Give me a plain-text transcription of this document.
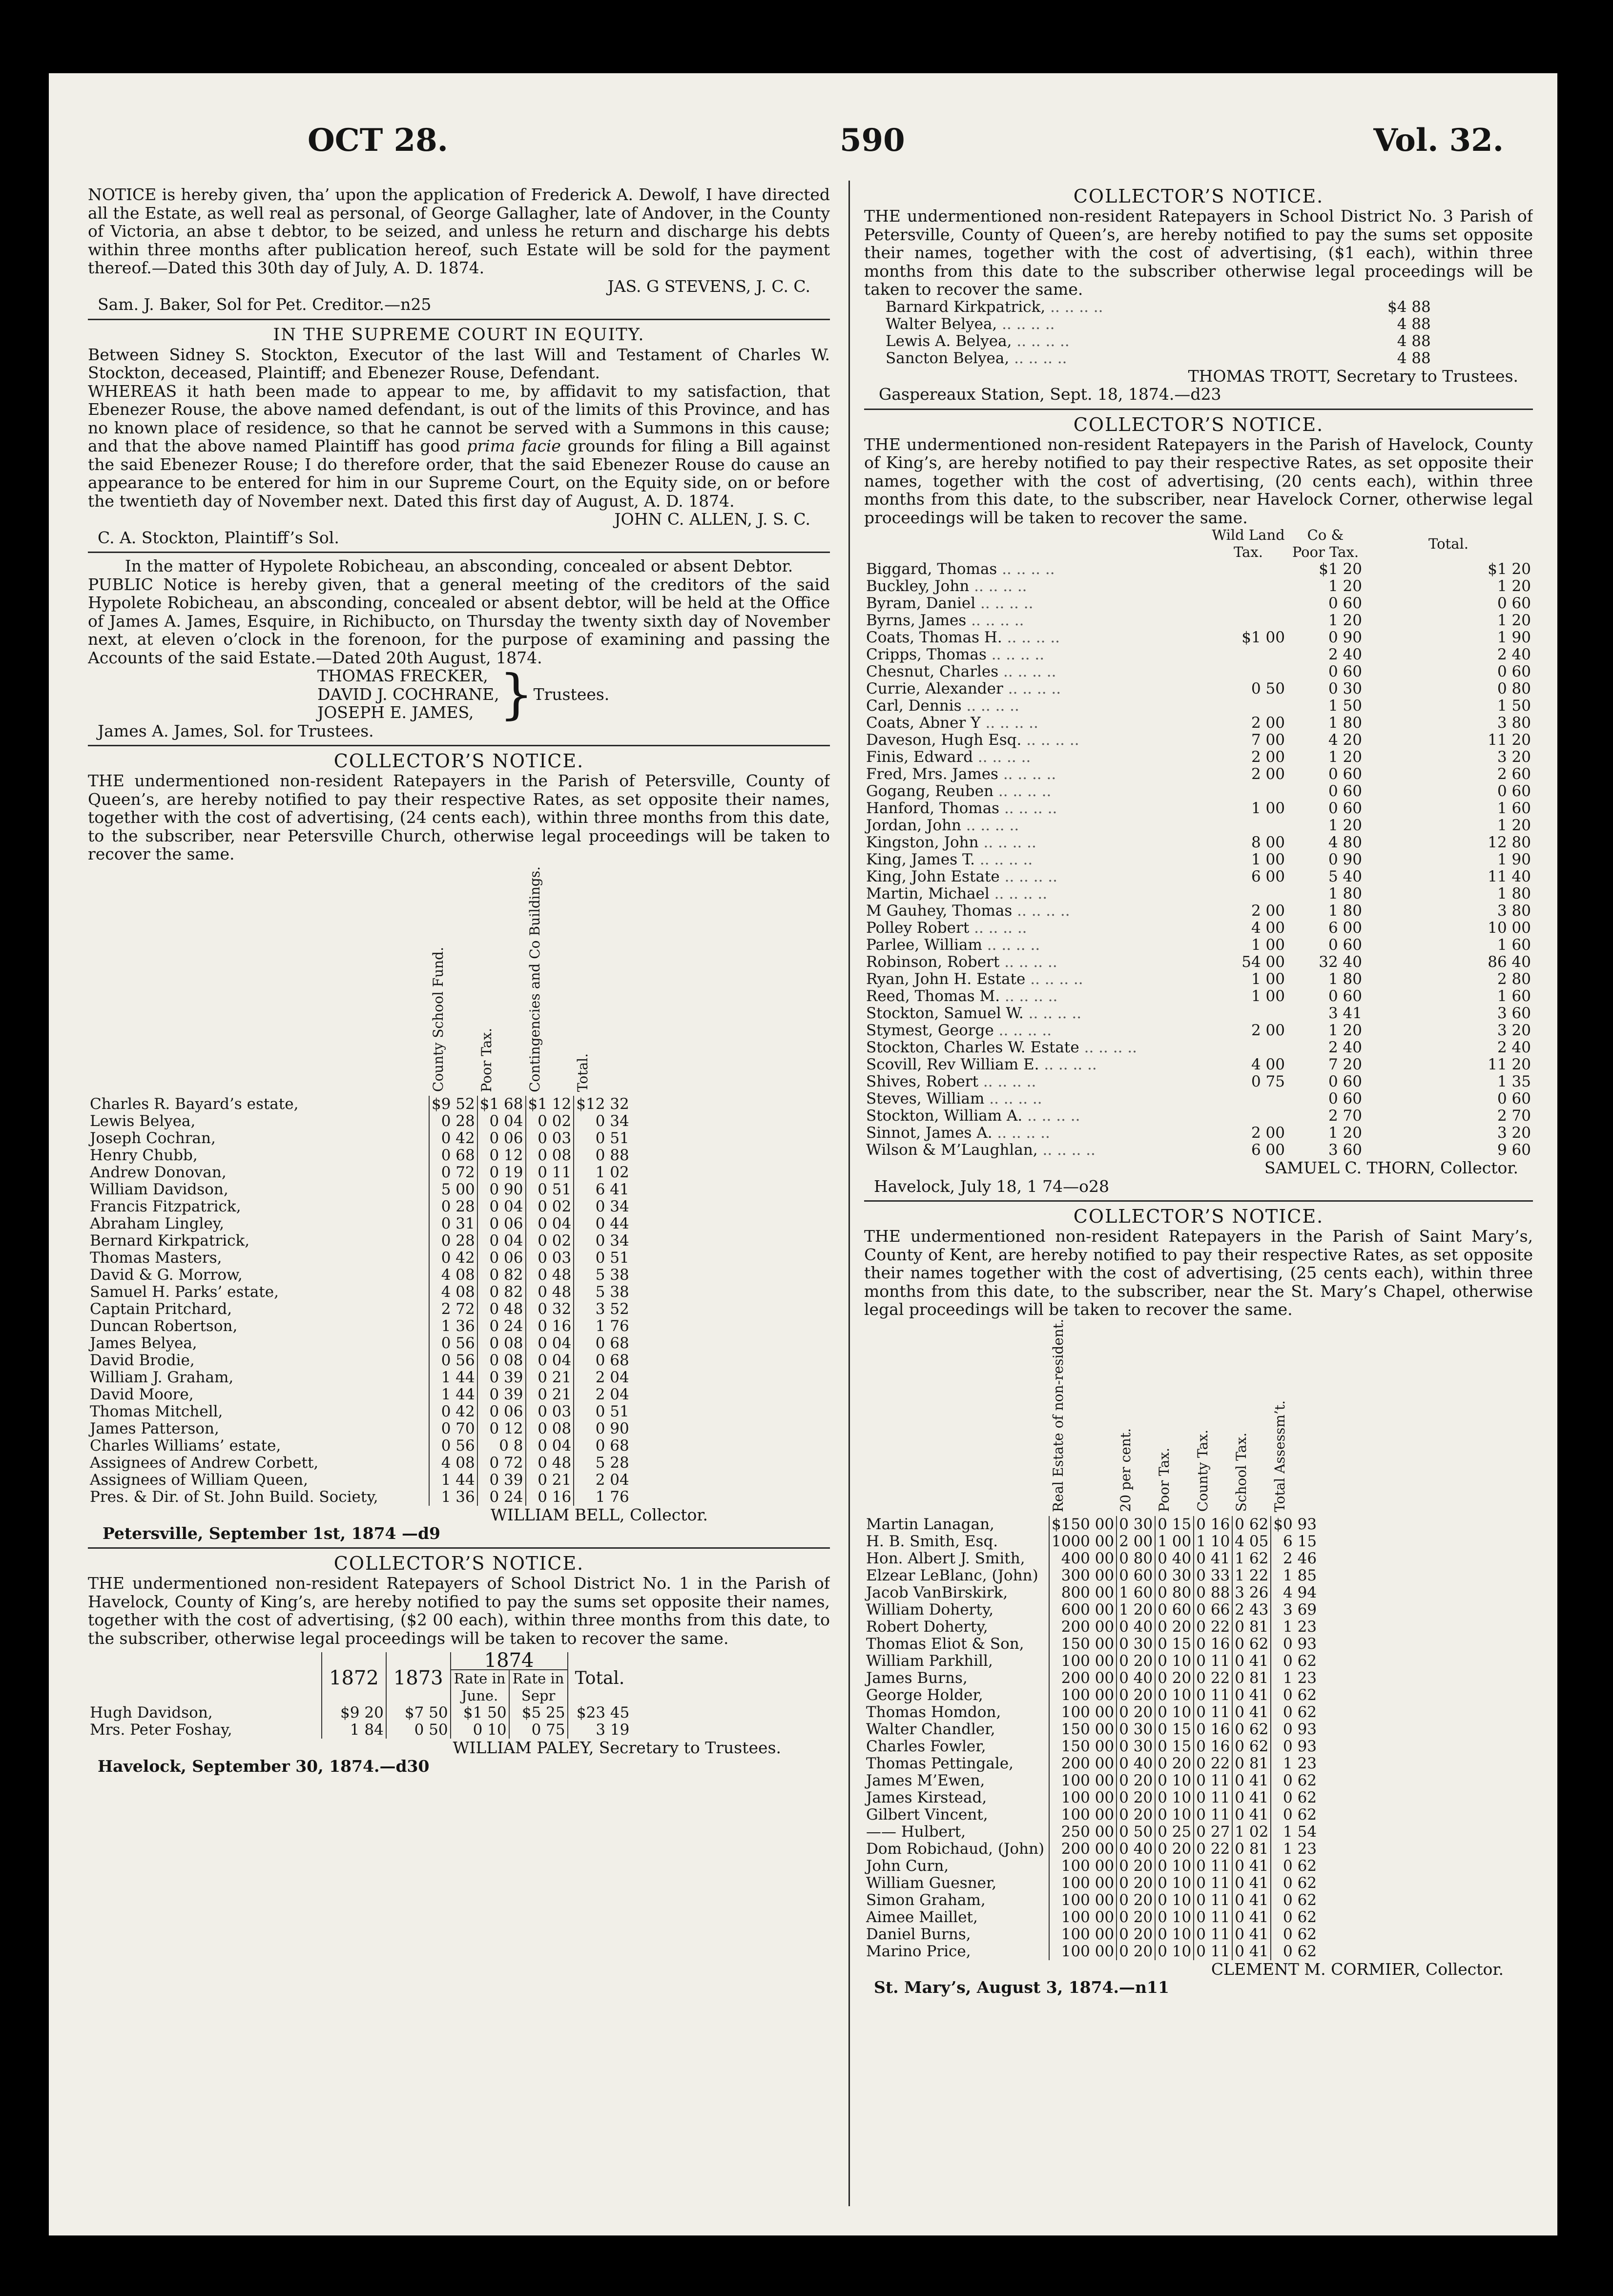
OCT 28.	590	Vol. 32.

NOTICE is hereby given, tha’ upon the application of Frederick A. Dewolf, I have directed all the Estate, as well real as personal, of George Gallagher, late of Andover, in the County of Victoria, an abse t debtor, to be seized, and unless he return and discharge his debts within three months after publication hereof, such Estate will be sold for the payment thereof.—Dated this 30th day of July, A. D. 1874.

JAS. G STEVENS, J. C. C.

Sam. J. Baker, Sol for Pet. Creditor.—n25

IN THE SUPREME COURT IN EQUITY.

Between Sidney S. Stockton, Executor of the last Will and Testament of Charles W. Stockton, deceased, Plaintiff; and Ebenezer Rouse, Defendant.

WHEREAS it hath been made to appear to me, by affidavit to my satisfaction, that Ebenezer Rouse, the above named defendant, is out of the limits of this Province, and has no known place of residence, so that he cannot be served with a Summons in this cause; and that the above named Plaintiff has good prima facie grounds for filing a Bill against the said Ebenezer Rouse; I do therefore order, that the said Ebenezer Rouse do cause an appearance to be entered for him in our Supreme Court, on the Equity side, on or before the twentieth day of November next. Dated this first day of August, A. D. 1874.

JOHN C. ALLEN, J. S. C.

C. A. Stockton, Plaintiff’s Sol.

In the matter of Hypolete Robicheau, an absconding, concealed or absent Debtor.

PUBLIC Notice is hereby given, that a general meeting of the creditors of the said Hypolete Robicheau, an absconding, concealed or absent debtor, will be held at the Office of James A. James, Esquire, in Richibucto, on Thursday the twenty sixth day of November next, at eleven o’clock in the forenoon, for the purpose of examining and passing the Accounts of the said Estate.—Dated 20th August, 1874.

THOMAS FRECKER,
DAVID J. COCHRANE,
JOSEPH E. JAMES, } Trustees.

James A. James, Sol. for Trustees.

COLLECTOR’S NOTICE.

THE undermentioned non-resident Ratepayers in the Parish of Petersville, County of Queen’s, are hereby notified to pay their respective Rates, as set opposite their names, together with the cost of advertising, (24 cents each), within three months from this date, to the subscriber, near Petersville Church, otherwise legal proceedings will be taken to recover the same.

	County School Fund.	Poor Tax.	Contingencies and Co Buildings.	Total.
Charles R. Bayard’s estate,	$9 52	$1 68	$1 12	$12 32
Lewis Belyea,	0 28	0 04	0 02	0 34
Joseph Cochran,	0 42	0 06	0 03	0 51
Henry Chubb,	0 68	0 12	0 08	0 88
Andrew Donovan,	0 72	0 19	0 11	1 02
William Davidson,	5 00	0 90	0 51	6 41
Francis Fitzpatrick,	0 28	0 04	0 02	0 34
Abraham Lingley,	0 31	0 06	0 04	0 44
Bernard Kirkpatrick,	0 28	0 04	0 02	0 34
Thomas Masters,	0 42	0 06	0 03	0 51
David & G. Morrow,	4 08	0 82	0 48	5 38
Samuel H. Parks’ estate,	4 08	0 82	0 48	5 38
Captain Pritchard,	2 72	0 48	0 32	3 52
Duncan Robertson,	1 36	0 24	0 16	1 76
James Belyea,	0 56	0 08	0 04	0 68
David Brodie,	0 56	0 08	0 04	0 68
William J. Graham,	1 44	0 39	0 21	2 04
David Moore,	1 44	0 39	0 21	2 04
Thomas Mitchell,	0 42	0 06	0 03	0 51
James Patterson,	0 70	0 12	0 08	0 90
Charles Williams’ estate,	0 56	0 8	0 04	0 68
Assignees of Andrew Corbett,	4 08	0 72	0 48	5 28
Assignees of William Queen,	1 44	0 39	0 21	2 04
Pres. & Dir. of St. John Build. Society,	1 36	0 24	0 16	1 76

WILLIAM BELL, Collector.

Petersville, September 1st, 1874 —d9

COLLECTOR’S NOTICE.

THE undermentioned non-resident Ratepayers of School District No. 1 in the Parish of Havelock, County of King’s, are hereby notified to pay the sums set opposite their names, together with the cost of advertising, ($2 00 each), within three months from this date, to the subscriber, otherwise legal proceedings will be taken to recover the same.

	1872	1873	1874		Total.
			Rate in June.	Rate in Sepr	
Hugh Davidson,	$9 20	$7 50	$1 50	$5 25	$23 45
Mrs. Peter Foshay,	1 84	0 50	0 10	0 75	3 19

WILLIAM PALEY, Secretary to Trustees.

Havelock, September 30, 1874.—d30

COLLECTOR’S NOTICE.

THE undermentioned non-resident Ratepayers in School District No. 3 Parish of Petersville, County of Queen’s, are hereby notified to pay the sums set opposite their names, together with the cost of advertising, ($1 each), within three months from this date to the subscriber otherwise legal proceedings will be taken to recover the same.

Barnard Kirkpatrick, .. .. .. ..	$4 88
Walter Belyea, .. .. .. ..	4 88
Lewis A. Belyea, .. .. .. ..	4 88
Sancton Belyea, .. .. .. ..	4 88

THOMAS TROTT, Secretary to Trustees.

Gaspereaux Station, Sept. 18, 1874.—d23

COLLECTOR’S NOTICE.

THE undermentioned non-resident Ratepayers in the Parish of Havelock, County of King’s, are hereby notified to pay their respective Rates, as set opposite their names, together with the cost of advertising, (20 cents each), within three months from this date, to the subscriber, near Havelock Corner, otherwise legal proceedings will be taken to recover the same.

	Wild Land Tax.	Co & Poor Tax.	Total.
Biggard, Thomas .. .. .. ..		$1 20	$1 20
Buckley, John .. .. .. ..		1 20	1 20
Byram, Daniel .. .. .. ..		0 60	0 60
Byrns, James .. .. .. ..		1 20	1 20
Coats, Thomas H. .. .. .. ..	$1 00	0 90	1 90
Cripps, Thomas .. .. .. ..		2 40	2 40
Chesnut, Charles .. .. .. ..		0 60	0 60
Currie, Alexander .. .. .. ..	0 50	0 30	0 80
Carl, Dennis .. .. .. ..		1 50	1 50
Coats, Abner Y .. .. .. ..	2 00	1 80	3 80
Daveson, Hugh Esq. .. .. .. ..	7 00	4 20	11 20
Finis, Edward .. .. .. ..	2 00	1 20	3 20
Fred, Mrs. James .. .. .. ..	2 00	0 60	2 60
Gogang, Reuben .. .. .. ..		0 60	0 60
Hanford, Thomas .. .. .. ..	1 00	0 60	1 60
Jordan, John .. .. .. ..		1 20	1 20
Kingston, John .. .. .. ..	8 00	4 80	12 80
King, James T. .. .. .. ..	1 00	0 90	1 90
King, John Estate .. .. .. ..	6 00	5 40	11 40
Martin, Michael .. .. .. ..		1 80	1 80
M Gauhey, Thomas .. .. .. ..	2 00	1 80	3 80
Polley Robert .. .. .. ..	4 00	6 00	10 00
Parlee, William .. .. .. ..	1 00	0 60	1 60
Robinson, Robert .. .. .. ..	54 00	32 40	86 40
Ryan, John H. Estate .. .. .. ..	1 00	1 80	2 80
Reed, Thomas M. .. .. .. ..	1 00	0 60	1 60
Stockton, Samuel W. .. .. .. ..		3 41	3 60
Stymest, George .. .. .. ..	2 00	1 20	3 20
Stockton, Charles W. Estate .. .. .. ..		2 40	2 40
Scovill, Rev William E. .. .. .. ..	4 00	7 20	11 20
Shives, Robert .. .. .. ..	0 75	0 60	1 35
Steves, William .. .. .. ..		0 60	0 60
Stockton, William A. .. .. .. ..		2 70	2 70
Sinnot, James A. .. .. .. ..	2 00	1 20	3 20
Wilson & M’Laughlan, .. .. .. ..	6 00	3 60	9 60

SAMUEL C. THORN, Collector.

Havelock, July 18, 1 74—o28

COLLECTOR’S NOTICE.

THE undermentioned non-resident Ratepayers in the Parish of Saint Mary’s, County of Kent, are hereby notified to pay their respective Rates, as set opposite their names together with the cost of advertising, (25 cents each), within three months from this date, to the subscriber, near the St. Mary’s Chapel, otherwise legal proceedings will be taken to recover the same.

	Real Estate of non-resident.	20 per cent.	Poor Tax.	County Tax.	School Tax.	Total Assessm’t.
Martin Lanagan,	$150 00	0 30	0 15	0 16	0 62	$0 93
H. B. Smith, Esq.	1000 00	2 00	1 00	1 10	4 05	6 15
Hon. Albert J. Smith,	400 00	0 80	0 40	0 41	1 62	2 46
Elzear LeBlanc, (John)	300 00	0 60	0 30	0 33	1 22	1 85
Jacob VanBirskirk,	800 00	1 60	0 80	0 88	3 26	4 94
William Doherty,	600 00	1 20	0 60	0 66	2 43	3 69
Robert Doherty,	200 00	0 40	0 20	0 22	0 81	1 23
Thomas Eliot & Son,	150 00	0 30	0 15	0 16	0 62	0 93
William Parkhill,	100 00	0 20	0 10	0 11	0 41	0 62
James Burns,	200 00	0 40	0 20	0 22	0 81	1 23
George Holder,	100 00	0 20	0 10	0 11	0 41	0 62
Thomas Homdon,	100 00	0 20	0 10	0 11	0 41	0 62
Walter Chandler,	150 00	0 30	0 15	0 16	0 62	0 93
Charles Fowler,	150 00	0 30	0 15	0 16	0 62	0 93
Thomas Pettingale,	200 00	0 40	0 20	0 22	0 81	1 23
James M’Ewen,	100 00	0 20	0 10	0 11	0 41	0 62
James Kirstead,	100 00	0 20	0 10	0 11	0 41	0 62
Gilbert Vincent,	100 00	0 20	0 10	0 11	0 41	0 62
—— Hulbert,	250 00	0 50	0 25	0 27	1 02	1 54
Dom Robichaud, (John)	200 00	0 40	0 20	0 22	0 81	1 23
John Curn,	100 00	0 20	0 10	0 11	0 41	0 62
William Guesner,	100 00	0 20	0 10	0 11	0 41	0 62
Simon Graham,	100 00	0 20	0 10	0 11	0 41	0 62
Aimee Maillet,	100 00	0 20	0 10	0 11	0 41	0 62
Daniel Burns,	100 00	0 20	0 10	0 11	0 41	0 62
Marino Price,	100 00	0 20	0 10	0 11	0 41	0 62

CLEMENT M. CORMIER, Collector.

St. Mary’s, August 3, 1874.—n11
